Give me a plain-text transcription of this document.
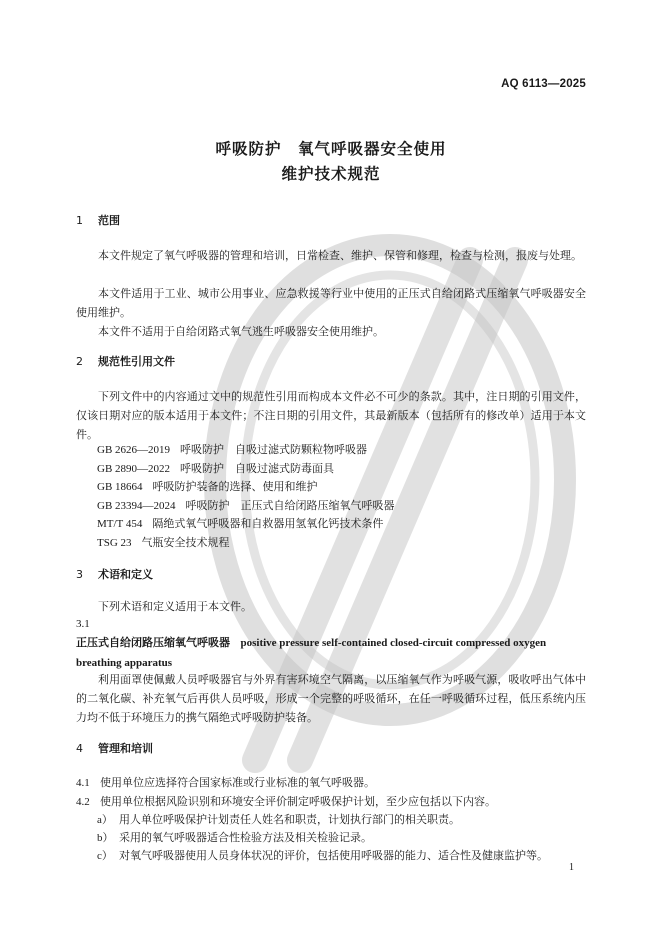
AQ 6113—2025
呼吸防护　氧气呼吸器安全使用
维护技术规范
1 范围
本文件规定了氧气呼吸器的管理和培训，日常检查、维护、保管和修理，检查与检测，报废与处理。
本文件适用于工业、城市公用事业、应急救援等行业中使用的正压式自给闭路式压缩氧气呼吸器安全使用维护。
本文件不适用于自给闭路式氧气逃生呼吸器安全使用维护。
2 规范性引用文件
下列文件中的内容通过文中的规范性引用而构成本文件必不可少的条款。其中，注日期的引用文件，仅该日期对应的版本适用于本文件；不注日期的引用文件，其最新版本（包括所有的修改单）适用于本文件。
GB 2626—2019 呼吸防护　自吸过滤式防颗粒物呼吸器
GB 2890—2022 呼吸防护　自吸过滤式防毒面具
GB 18664 呼吸防护装备的选择、使用和维护
GB 23394—2024 呼吸防护　正压式自给闭路压缩氧气呼吸器
MT/T 454 隔绝式氧气呼吸器和自救器用氢氧化钙技术条件
TSG 23 气瓶安全技术规程
3 术语和定义
下列术语和定义适用于本文件。
3.1
正压式自给闭路压缩氧气呼吸器 positive pressure self-contained closed-circuit compressed oxygen breathing apparatus
利用面罩使佩戴人员呼吸器官与外界有害环境空气隔离，以压缩氧气作为呼吸气源，吸收呼出气体中的二氧化碳、补充氧气后再供人员呼吸，形成一个完整的呼吸循环，在任一呼吸循环过程，低压系统内压力均不低于环境压力的携气隔绝式呼吸防护装备。
4 管理和培训
4.1 使用单位应选择符合国家标准或行业标准的氧气呼吸器。
4.2 使用单位根据风险识别和环境安全评价制定呼吸保护计划，至少应包括以下内容。
a） 用人单位呼吸保护计划责任人姓名和职责，计划执行部门的相关职责。
b） 采用的氧气呼吸器适合性检验方法及相关检验记录。
c） 对氧气呼吸器使用人员身体状况的评价，包括使用呼吸器的能力、适合性及健康监护等。
1
